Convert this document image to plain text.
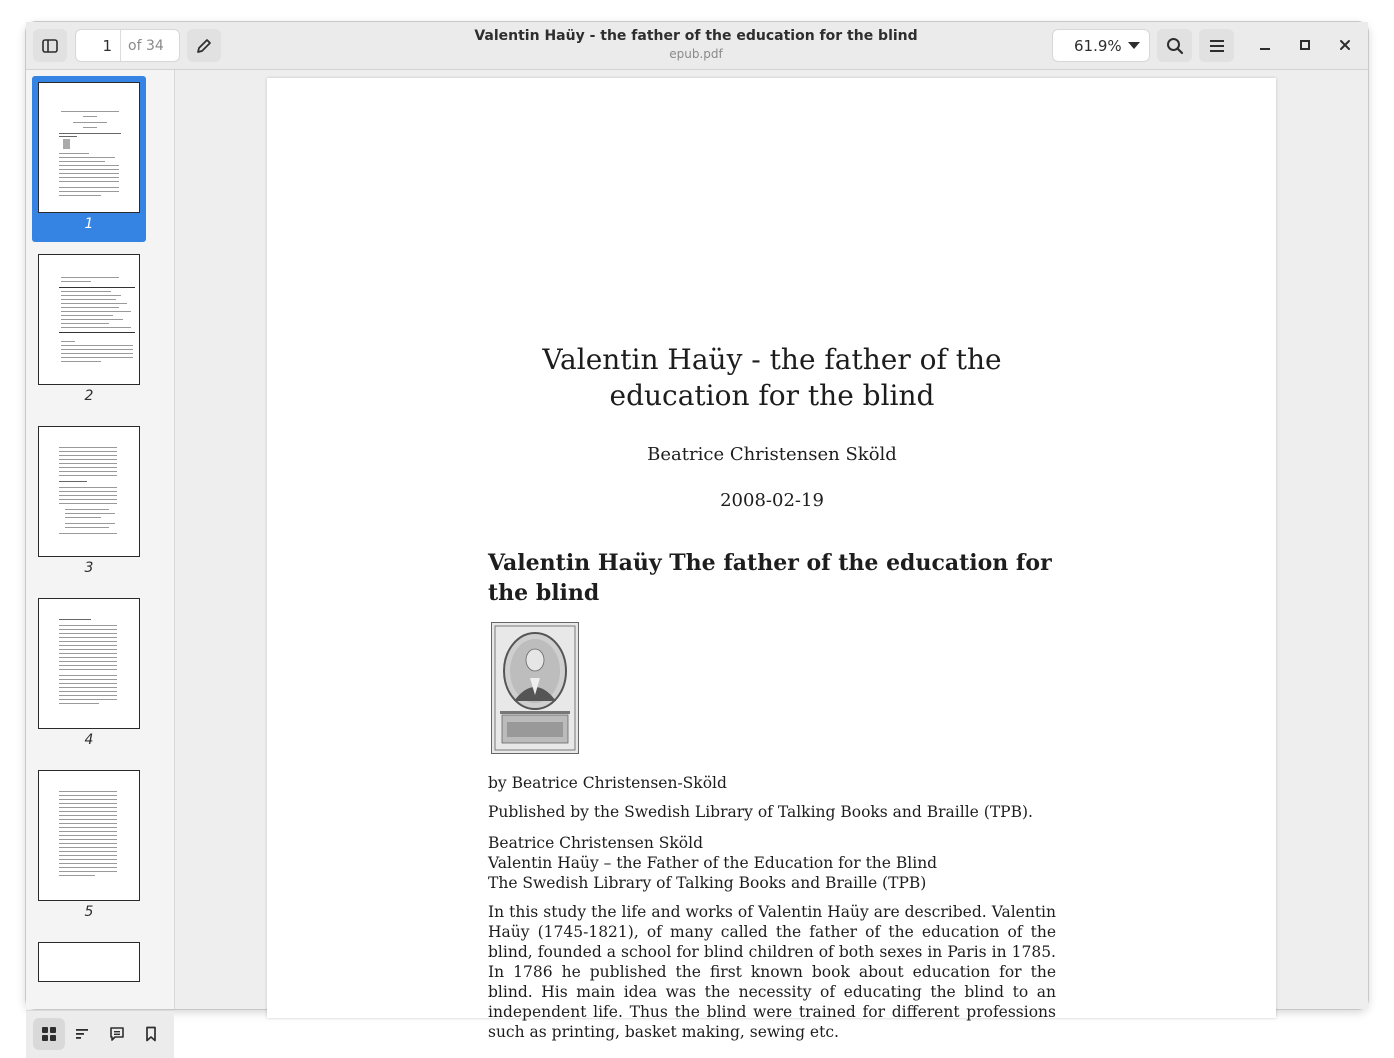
1	of 34
Valentin Haüy - the father of the education for the blind
epub.pdf	61.9%
1
2
3
4
5
Valentin Haüy - the father of the education for the blind
Beatrice Christensen Sköld
2008-02-19
Valentin Haüy The father of the education for the blind
by Beatrice Christensen-Sköld
Published by the Swedish Library of Talking Books and Braille (TPB).
Beatrice Christensen Sköld
Valentin Haüy – the Father of the Education for the Blind
The Swedish Library of Talking Books and Braille (TPB)
In this study the life and works of Valentin Haüy are described. Valentin Haüy (1745-1821), of many called the father of the education of the blind, founded a school for blind children of both sexes in Paris in 1785. In 1786 he published the first known book about education for the blind. His main idea was the necessity of educating the blind to an independent life. Thus the blind were trained for different professions such as printing, basket making, sewing etc.
